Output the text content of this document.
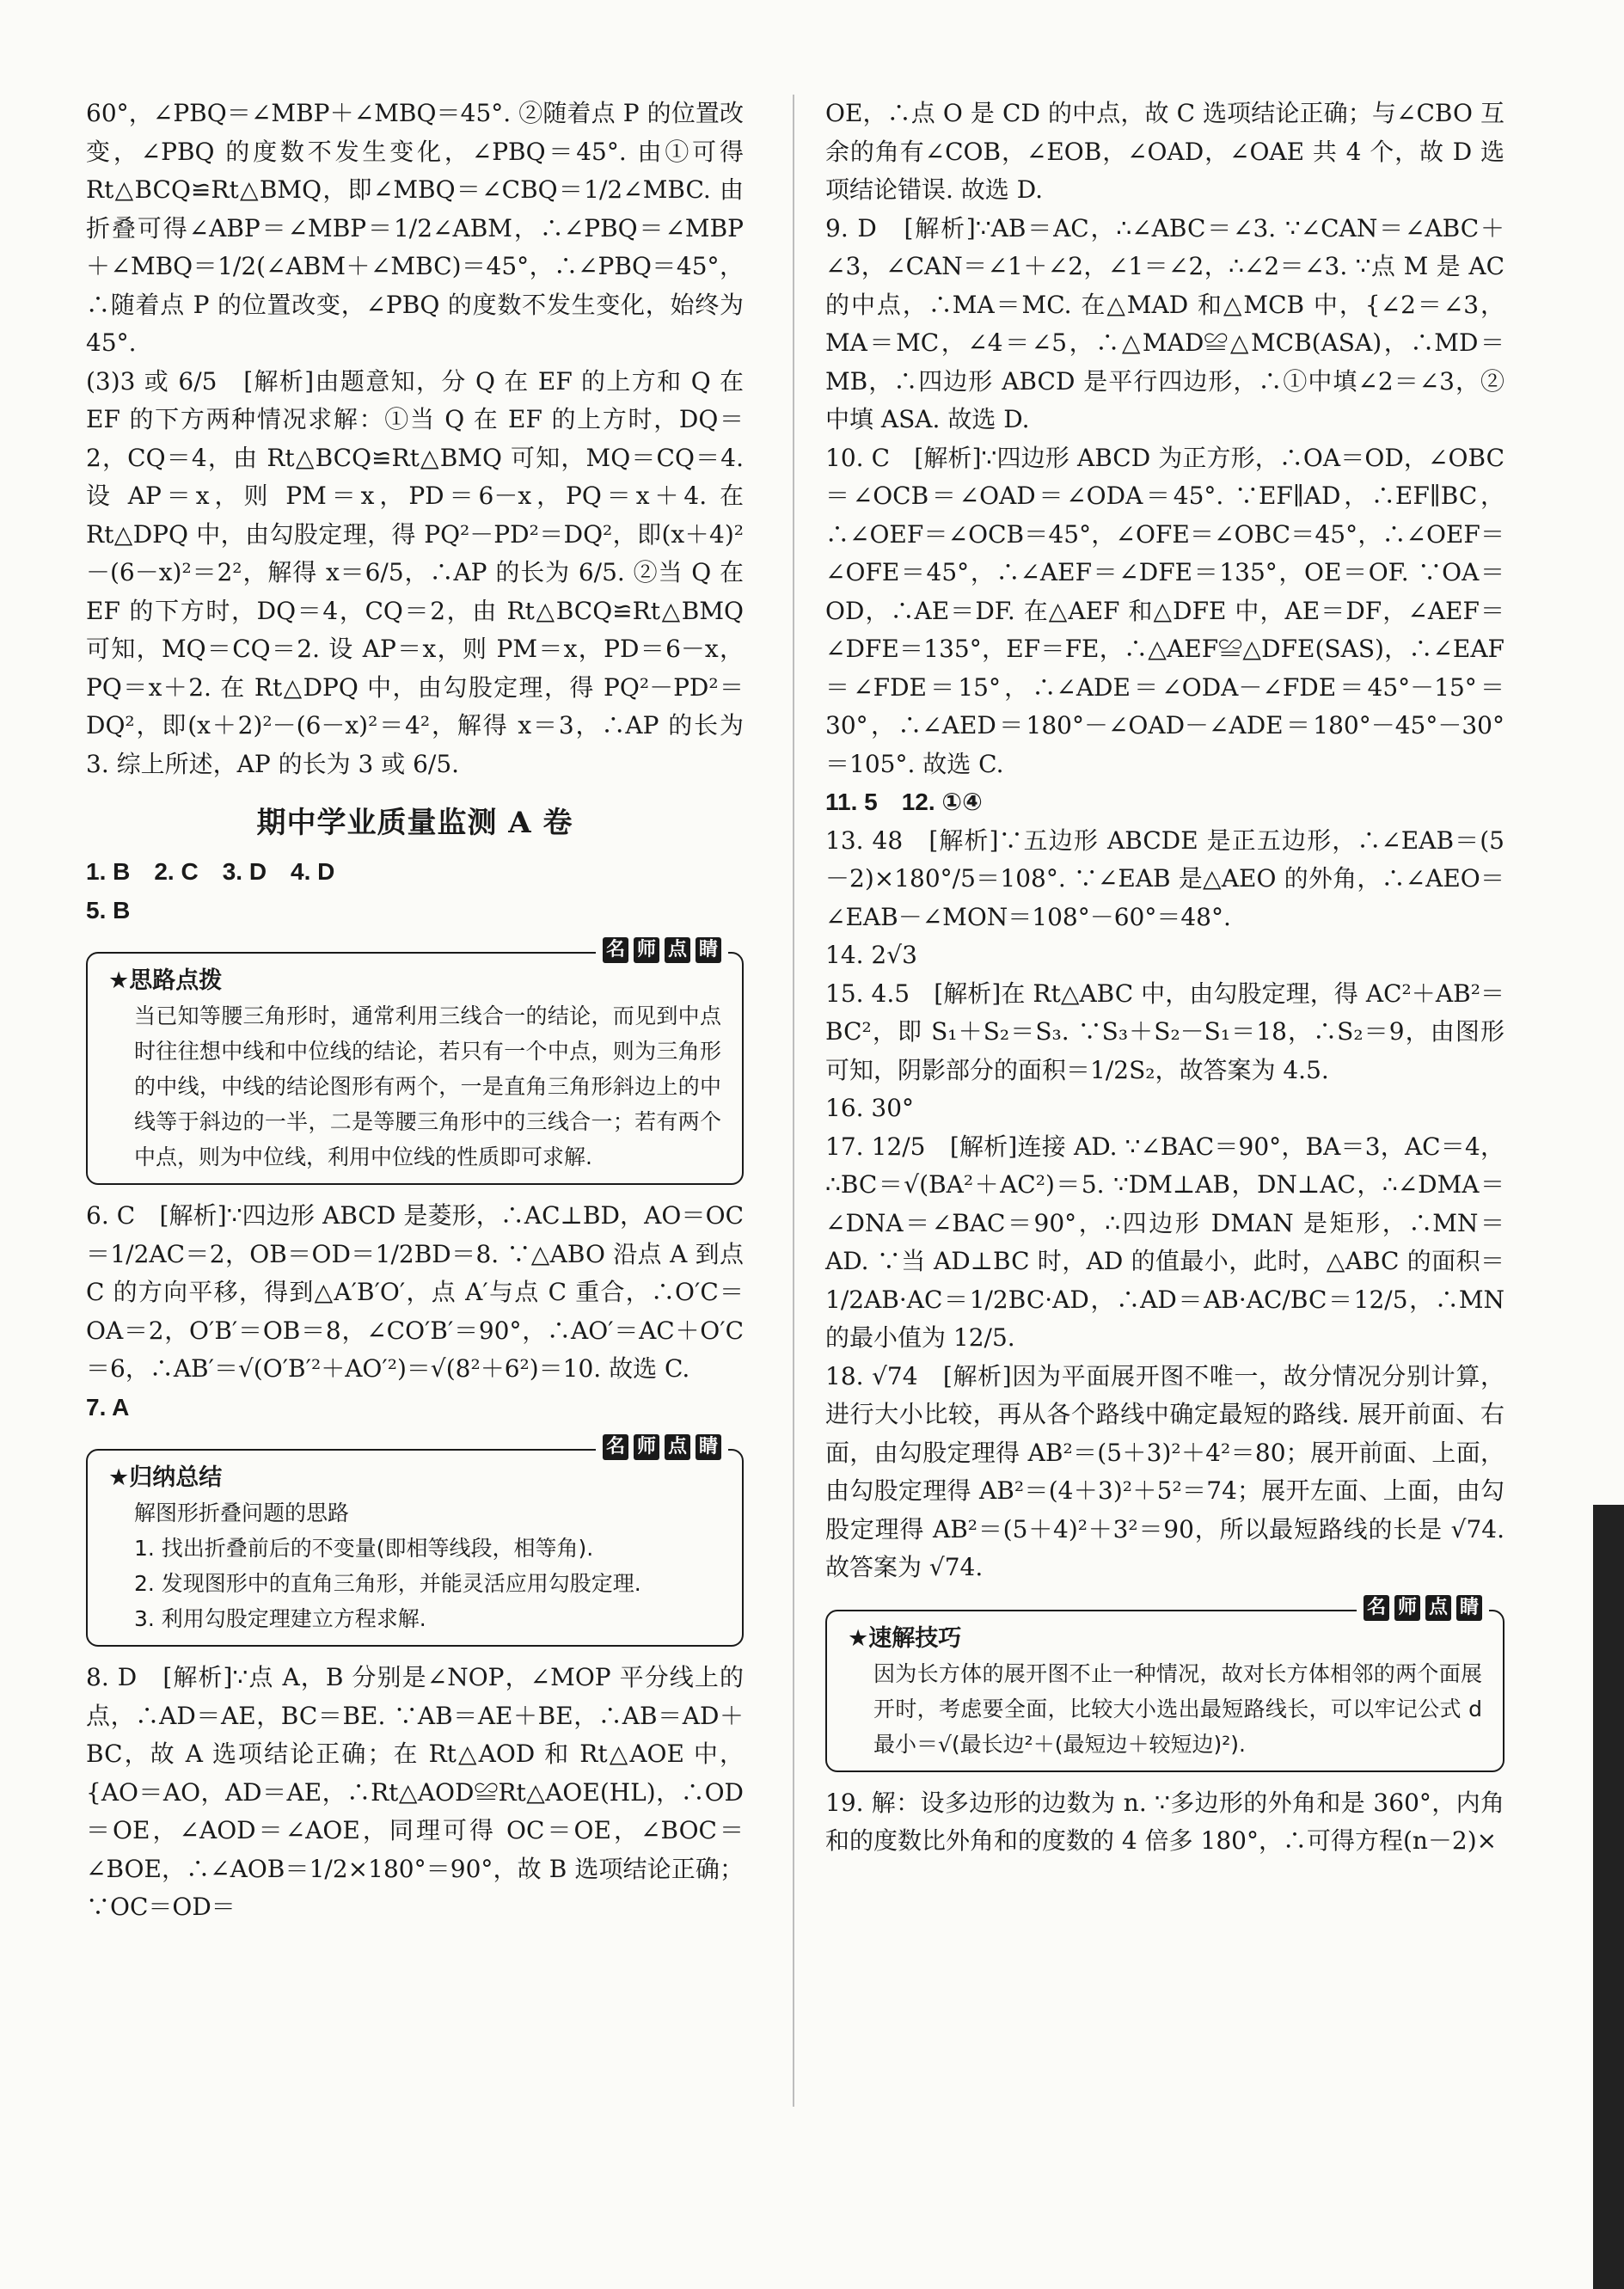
60°，∠PBQ＝∠MBP＋∠MBQ＝45°. ②随着点 P 的位置改变，∠PBQ 的度数不发生变化，∠PBQ＝45°. 由①可得 Rt△BCQ≌Rt△BMQ，即∠MBQ＝∠CBQ＝1/2∠MBC. 由折叠可得∠ABP＝∠MBP＝1/2∠ABM，∴∠PBQ＝∠MBP＋∠MBQ＝1/2(∠ABM＋∠MBC)＝45°，∴∠PBQ＝45°，∴随着点 P 的位置改变，∠PBQ 的度数不发生变化，始终为 45°.

(3)3 或 6/5　[解析]由题意知，分 Q 在 EF 的上方和 Q 在 EF 的下方两种情况求解：①当 Q 在 EF 的上方时，DQ＝2，CQ＝4，由 Rt△BCQ≌Rt△BMQ 可知，MQ＝CQ＝4. 设 AP＝x，则 PM＝x，PD＝6－x，PQ＝x＋4. 在 Rt△DPQ 中，由勾股定理，得 PQ²－PD²＝DQ²，即(x＋4)²－(6－x)²＝2²，解得 x＝6/5，∴AP 的长为 6/5. ②当 Q 在 EF 的下方时，DQ＝4，CQ＝2，由 Rt△BCQ≌Rt△BMQ 可知，MQ＝CQ＝2. 设 AP＝x，则 PM＝x，PD＝6－x，PQ＝x＋2. 在 Rt△DPQ 中，由勾股定理，得 PQ²－PD²＝DQ²，即(x＋2)²－(6－x)²＝4²，解得 x＝3，∴AP 的长为 3. 综上所述，AP 的长为 3 或 6/5.

期中学业质量监测 A 卷

1. B　2. C　3. D　4. D

5. B

名 师 点 睛
★思路点拨
当已知等腰三角形时，通常利用三线合一的结论，而见到中点时往往想中线和中位线的结论，若只有一个中点，则为三角形的中线，中线的结论图形有两个，一是直角三角形斜边上的中线等于斜边的一半，二是等腰三角形中的三线合一；若有两个中点，则为中位线，利用中位线的性质即可求解.

6. C　[解析]∵四边形 ABCD 是菱形，∴AC⊥BD，AO＝OC＝1/2AC＝2，OB＝OD＝1/2BD＝8. ∵△ABO 沿点 A 到点 C 的方向平移，得到△A′B′O′，点 A′与点 C 重合，∴O′C＝OA＝2，O′B′＝OB＝8，∠CO′B′＝90°，∴AO′＝AC＋O′C＝6，∴AB′＝√(O′B′²＋AO′²)＝√(8²＋6²)＝10. 故选 C.

7. A

名 师 点 睛
★归纳总结
解图形折叠问题的思路
1. 找出折叠前后的不变量(即相等线段，相等角).
2. 发现图形中的直角三角形，并能灵活应用勾股定理.
3. 利用勾股定理建立方程求解.

8. D　[解析]∵点 A，B 分别是∠NOP，∠MOP 平分线上的点，∴AD＝AE，BC＝BE. ∵AB＝AE＋BE，∴AB＝AD＋BC，故 A 选项结论正确；在 Rt△AOD 和 Rt△AOE 中，{AO＝AO，AD＝AE，∴Rt△AOD≌Rt△AOE(HL)，∴OD＝OE，∠AOD＝∠AOE，同理可得 OC＝OE，∠BOC＝∠BOE，∴∠AOB＝1/2×180°＝90°，故 B 选项结论正确；∵OC＝OD＝

OE，∴点 O 是 CD 的中点，故 C 选项结论正确；与∠CBO 互余的角有∠COB，∠EOB，∠OAD，∠OAE 共 4 个，故 D 选项结论错误. 故选 D.

9. D　[解析]∵AB＝AC，∴∠ABC＝∠3. ∵∠CAN＝∠ABC＋∠3，∠CAN＝∠1＋∠2，∠1＝∠2，∴∠2＝∠3. ∵点 M 是 AC 的中点，∴MA＝MC. 在△MAD 和△MCB 中，{∠2＝∠3，MA＝MC，∠4＝∠5，∴△MAD≌△MCB(ASA)，∴MD＝MB，∴四边形 ABCD 是平行四边形，∴①中填∠2＝∠3，②中填 ASA. 故选 D.

10. C　[解析]∵四边形 ABCD 为正方形，∴OA＝OD，∠OBC＝∠OCB＝∠OAD＝∠ODA＝45°. ∵EF∥AD，∴EF∥BC，∴∠OEF＝∠OCB＝45°，∠OFE＝∠OBC＝45°，∴∠OEF＝∠OFE＝45°，∴∠AEF＝∠DFE＝135°，OE＝OF. ∵OA＝OD，∴AE＝DF. 在△AEF 和△DFE 中，AE＝DF，∠AEF＝∠DFE＝135°，EF＝FE，∴△AEF≌△DFE(SAS)，∴∠EAF＝∠FDE＝15°，∴∠ADE＝∠ODA－∠FDE＝45°－15°＝30°，∴∠AED＝180°－∠OAD－∠ADE＝180°－45°－30°＝105°. 故选 C.

11. 5　12. ①④

13. 48　[解析]∵五边形 ABCDE 是正五边形，∴∠EAB＝(5－2)×180°/5＝108°. ∵∠EAB 是△AEO 的外角，∴∠AEO＝∠EAB－∠MON＝108°－60°＝48°.

14. 2√3

15. 4.5　[解析]在 Rt△ABC 中，由勾股定理，得 AC²＋AB²＝BC²，即 S₁＋S₂＝S₃. ∵S₃＋S₂－S₁＝18，∴S₂＝9，由图形可知，阴影部分的面积＝1/2S₂，故答案为 4.5.

16. 30°

17. 12/5　[解析]连接 AD. ∵∠BAC＝90°，BA＝3，AC＝4，∴BC＝√(BA²＋AC²)＝5. ∵DM⊥AB，DN⊥AC，∴∠DMA＝∠DNA＝∠BAC＝90°，∴四边形 DMAN 是矩形，∴MN＝AD. ∵当 AD⊥BC 时，AD 的值最小，此时，△ABC 的面积＝1/2AB·AC＝1/2BC·AD，∴AD＝AB·AC/BC＝12/5，∴MN 的最小值为 12/5.

18. √74　[解析]因为平面展开图不唯一，故分情况分别计算，进行大小比较，再从各个路线中确定最短的路线. 展开前面、右面，由勾股定理得 AB²＝(5＋3)²＋4²＝80；展开前面、上面，由勾股定理得 AB²＝(4＋3)²＋5²＝74；展开左面、上面，由勾股定理得 AB²＝(5＋4)²＋3²＝90，所以最短路线的长是 √74. 故答案为 √74.

名 师 点 睛
★速解技巧
因为长方体的展开图不止一种情况，故对长方体相邻的两个面展开时，考虑要全面，比较大小选出最短路线长，可以牢记公式 d最小＝√(最长边²＋(最短边＋较短边)²).

19. 解：设多边形的边数为 n. ∵多边形的外角和是 360°，内角和的度数比外角和的度数的 4 倍多 180°，∴可得方程(n－2)×
